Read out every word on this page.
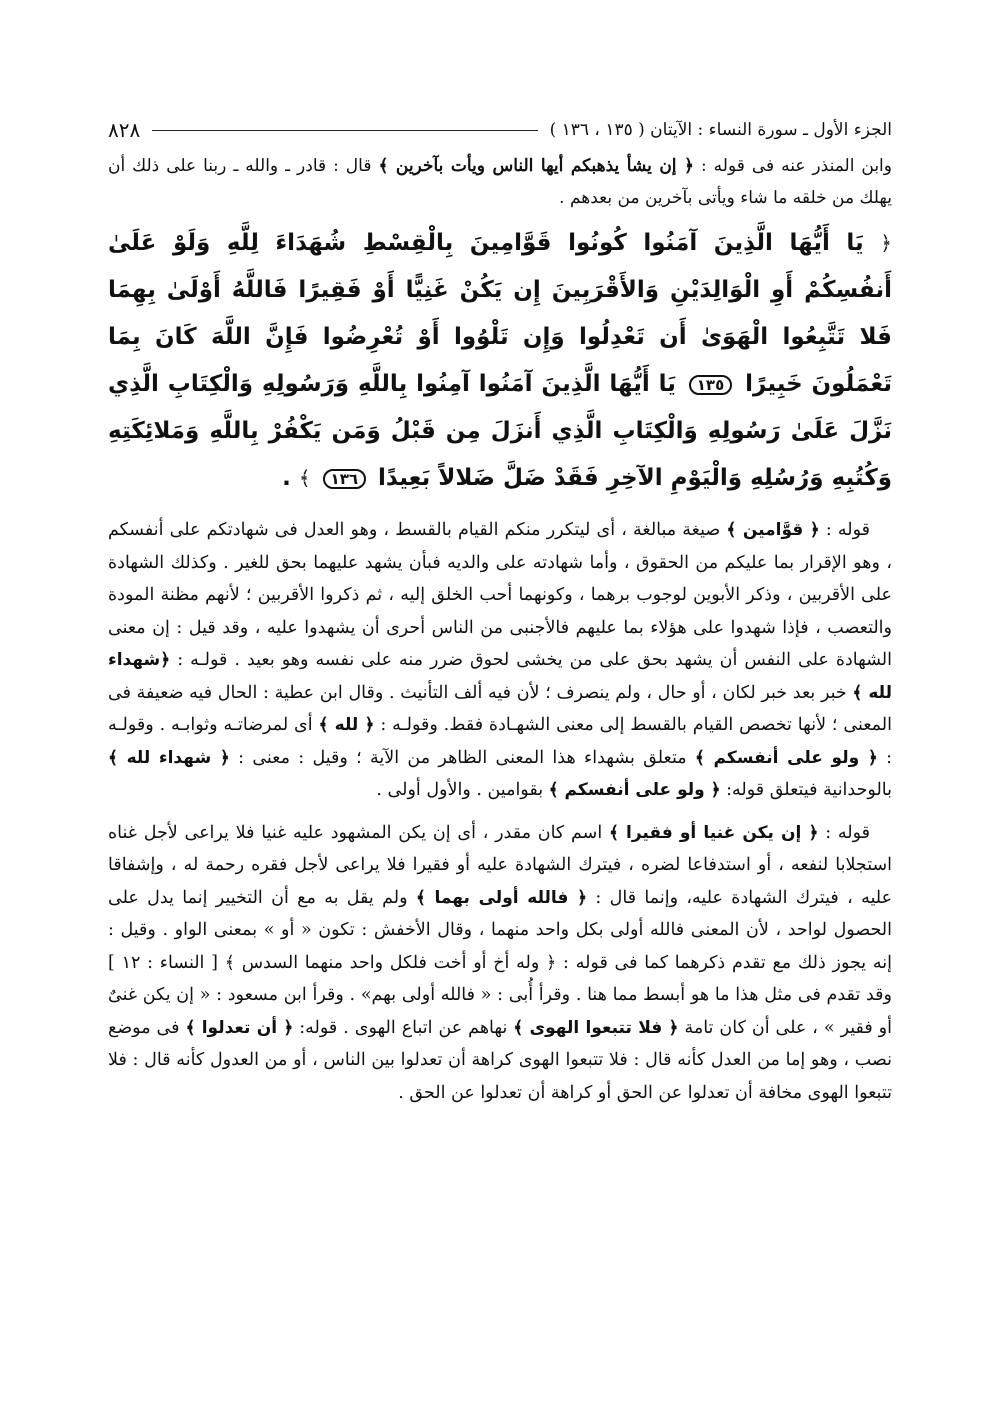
الجزء الأول ـ سورة النساء : الآيتان ( ١٣٥ ، ١٣٦ )
٨٢٨
وابن المنذر عنه فى قوله : ﴿ إن يشأ يذهبكم أيها الناس ويأت بآخرين ﴾ قال : قادر ـ والله ـ ربنا على ذلك أن يهلك من خلقه ما شاء ويأتى بآخرين من بعدهم .
﴿ يَا أَيُّهَا الَّذِينَ آمَنُوا كُونُوا قَوَّامِينَ بِالْقِسْطِ شُهَدَاءَ لِلَّهِ وَلَوْ عَلَىٰ أَنفُسِكُمْ أَوِ الْوَالِدَيْنِ وَالأَقْرَبِينَ إِن يَكُنْ غَنِيًّا أَوْ فَقِيرًا فَاللَّهُ أَوْلَىٰ بِهِمَا فَلا تَتَّبِعُوا الْهَوَىٰ أَن تَعْدِلُوا وَإِن تَلْوُوا أَوْ تُعْرِضُوا فَإِنَّ اللَّهَ كَانَ بِمَا تَعْمَلُونَ خَبِيرًا ١٣٥ يَا أَيُّهَا الَّذِينَ آمَنُوا آمِنُوا بِاللَّهِ وَرَسُولِهِ وَالْكِتَابِ الَّذِي نَزَّلَ عَلَىٰ رَسُولِهِ وَالْكِتَابِ الَّذِي أَنزَلَ مِن قَبْلُ وَمَن يَكْفُرْ بِاللَّهِ وَمَلائِكَتِهِ وَكُتُبِهِ وَرُسُلِهِ وَالْيَوْمِ الآخِرِ فَقَدْ ضَلَّ ضَلالاً بَعِيدًا ١٣٦ ﴾ .
قوله : ﴿ قوَّامين ﴾ صيغة مبالغة ، أى ليتكرر منكم القيام بالقسط ، وهو العدل فى شهادتكم على أنفسكم ، وهو الإقرار بما عليكم من الحقوق ، وأما شهادته على والديه فبأن يشهد عليهما بحق للغير . وكذلك الشهادة على الأقربين ، وذكر الأبوين لوجوب برهما ، وكونهما أحب الخلق إليه ، ثم ذكروا الأقربين ؛ لأنهم مظنة المودة والتعصب ، فإذا شهدوا على هؤلاء بما عليهم فالأجنبى من الناس أحرى أن يشهدوا عليه ، وقد قيل : إن معنى الشهادة على النفس أن يشهد بحق على من يخشى لحوق ضرر منه على نفسه وهو بعيد . قولـه : ﴿شهداء لله ﴾ خبر بعد خبر لكان ، أو حال ، ولم ينصرف ؛ لأن فيه ألف التأنيث . وقال ابن عطية : الحال فيه ضعيفة فى المعنى ؛ لأنها تخصص القيام بالقسط إلى معنى الشهـادة فقط. وقولـه : ﴿ لله ﴾ أى لمرضاتـه وثوابـه . وقولـه : ﴿ ولو على أنفسكم ﴾ متعلق بشهداء هذا المعنى الظاهر من الآية ؛ وقيل : معنى : ﴿ شهداء لله ﴾ بالوحدانية فيتعلق قوله: ﴿ ولو على أنفسكم ﴾ بقوامين . والأول أولى .
قوله : ﴿ إن يكن غنيا أو فقيرا ﴾ اسم كان مقدر ، أى إن يكن المشهود عليه غنيا فلا يراعى لأجل غناه استجلابا لنفعه ، أو استدفاعا لضره ، فيترك الشهادة عليه أو فقيرا فلا يراعى لأجل فقره رحمة له ، وإشفاقا عليه ، فيترك الشهادة عليه، وإنما قال : ﴿ فالله أولى بهما ﴾ ولم يقل به مع أن التخيير إنما يدل على الحصول لواحد ، لأن المعنى فالله أولى بكل واحد منهما ، وقال الأخفش : تكون « أو » بمعنى الواو . وقيل : إنه يجوز ذلك مع تقدم ذكرهما كما فى قوله : ﴿ وله أخ أو أخت فلكل واحد منهما السدس ﴾ [ النساء : ١٢ ] وقد تقدم فى مثل هذا ما هو أبسط مما هنا . وقرأ أُبى : « فالله أولى بهم» . وقرأ ابن مسعود : « إن يكن غنىٌ أو فقير » ، على أن كان تامة ﴿ فلا تتبعوا الهوى ﴾ نهاهم عن اتباع الهوى . قوله: ﴿ أن تعدلوا ﴾ فى موضع نصب ، وهو إما من العدل كأنه قال : فلا تتبعوا الهوى كراهة أن تعدلوا بين الناس ، أو من العدول كأنه قال : فلا تتبعوا الهوى مخافة أن تعدلوا عن الحق أو كراهة أن تعدلوا عن الحق .
